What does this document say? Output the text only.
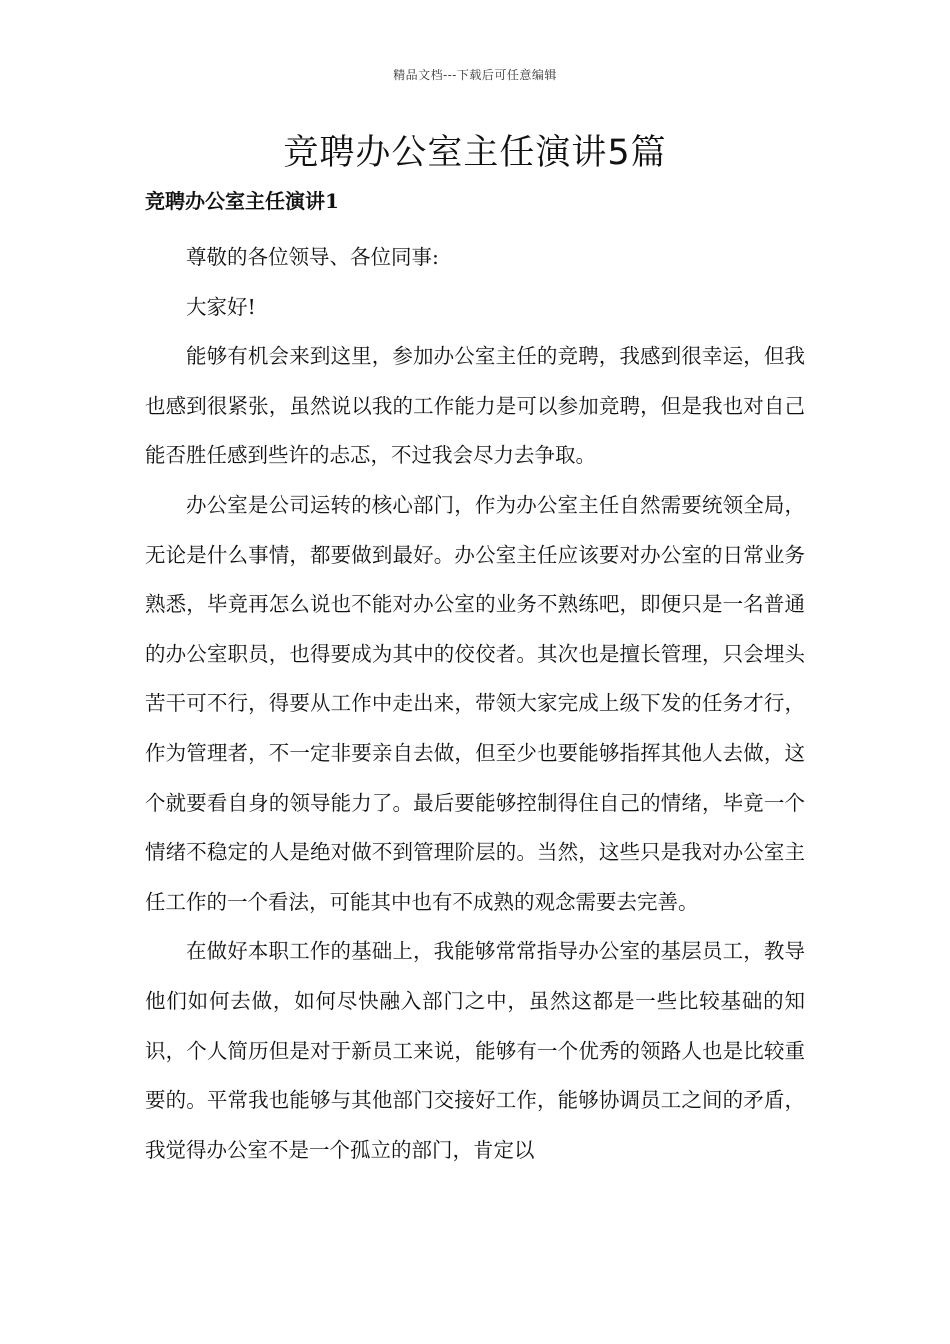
精品文档---下载后可任意编辑
竞聘办公室主任演讲5篇
竞聘办公室主任演讲1

尊敬的各位领导、各位同事:

大家好!

能够有机会来到这里，参加办公室主任的竞聘，我感到很幸运，但我也感到很紧张，虽然说以我的工作能力是可以参加竞聘，但是我也对自己能否胜任感到些许的忐忑，不过我会尽力去争取。

办公室是公司运转的核心部门，作为办公室主任自然需要统领全局，无论是什么事情，都要做到最好。办公室主任应该要对办公室的日常业务熟悉，毕竟再怎么说也不能对办公室的业务不熟练吧，即便只是一名普通的办公室职员，也得要成为其中的佼佼者。其次也是擅长管理，只会埋头苦干可不行，得要从工作中走出来，带领大家完成上级下发的任务才行，作为管理者，不一定非要亲自去做，但至少也要能够指挥其他人去做，这个就要看自身的领导能力了。最后要能够控制得住自己的情绪，毕竟一个情绪不稳定的人是绝对做不到管理阶层的。当然，这些只是我对办公室主任工作的一个看法，可能其中也有不成熟的观念需要去完善。

在做好本职工作的基础上，我能够常常指导办公室的基层员工，教导他们如何去做，如何尽快融入部门之中，虽然这都是一些比较基础的知识，个人简历但是对于新员工来说，能够有一个优秀的领路人也是比较重要的。平常我也能够与其他部门交接好工作，能够协调员工之间的矛盾，我觉得办公室不是一个孤立的部门，肯定以
